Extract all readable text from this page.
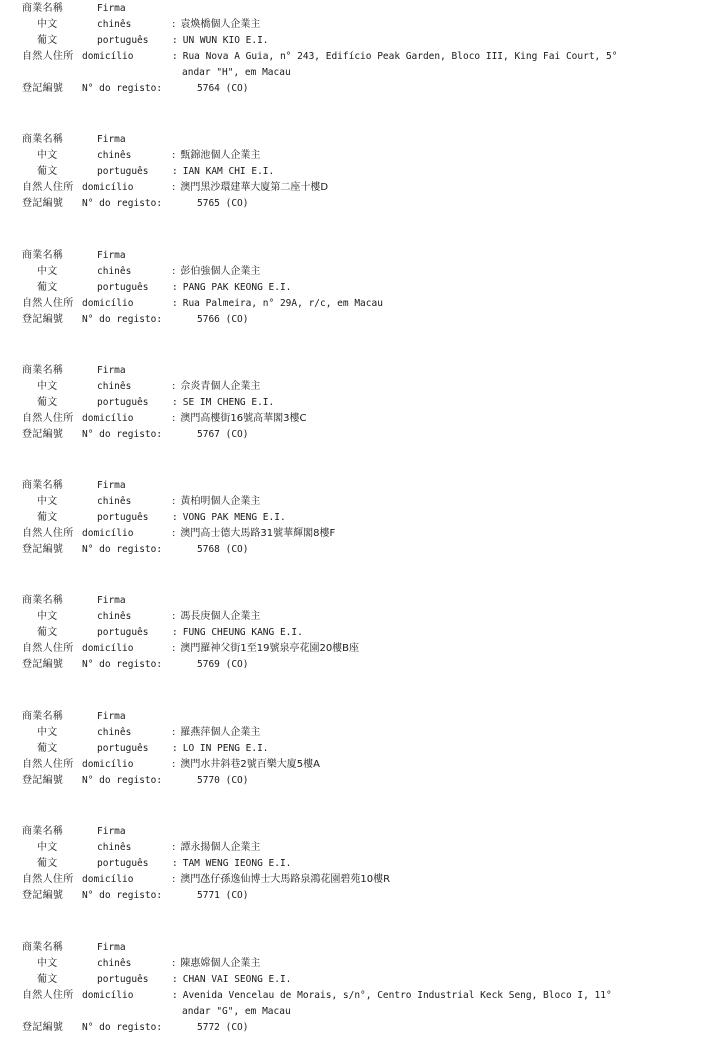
商業名稱	Firma
中文	chinês	: 袁煥橋個人企業主
葡文	português : UN WUN KIO E.I.
自然人住所 domicílio	: Rua Nova A Guia, n° 243, Edifício Peak Garden, Bloco III, King Fai Court, 5°
andar "H", em Macau
登記編號 N° do registo:	5764 (CO)
商業名稱	Firma
中文	chinês	: 甄錦池個人企業主
葡文	português : IAN KAM CHI E.I.
自然人住所 domicílio	: 澳門黑沙環建華大廈第二座十樓D
登記編號 N° do registo:	5765 (CO)
商業名稱	Firma
中文	chinês	: 彭伯強個人企業主
葡文	português : PANG PAK KEONG E.I.
自然人住所 domicílio	: Rua Palmeira, n° 29A, r/c, em Macau
登記編號 N° do registo:	5766 (CO)
商業名稱	Firma
中文	chinês	: 佘炎青個人企業主
葡文	português : SE IM CHENG E.I.
自然人住所 domicílio	: 澳門高樓街16號高華閣3樓C
登記編號 N° do registo:	5767 (CO)
商業名稱	Firma
中文	chinês	: 黃柏明個人企業主
葡文	português : VONG PAK MENG E.I.
自然人住所 domicílio	: 澳門高士德大馬路31號華輝閣8樓F
登記編號 N° do registo:	5768 (CO)
商業名稱	Firma
中文	chinês	: 馮長庚個人企業主
葡文	português : FUNG CHEUNG KANG E.I.
自然人住所 domicílio	: 澳門羅神父街1至19號泉亭花園20樓B座
登記編號 N° do registo:	5769 (CO)
商業名稱	Firma
中文	chinês	: 羅燕萍個人企業主
葡文	português : LO IN PENG E.I.
自然人住所 domicílio	: 澳門水井斜巷2號百樂大廈5樓A
登記編號 N° do registo:	5770 (CO)
商業名稱	Firma
中文	chinês	: 譚永揚個人企業主
葡文	português : TAM WENG IEONG E.I.
自然人住所 domicílio	: 澳門氹仔孫逸仙博士大馬路泉鴻花園碧苑10樓R
登記編號 N° do registo:	5771 (CO)
商業名稱	Firma
中文	chinês	: 陳惠嫦個人企業主
葡文	português : CHAN VAI SEONG E.I.
自然人住所 domicílio	: Avenida Vencelau de Morais, s/n°, Centro Industrial Keck Seng, Bloco I, 11°
andar "G", em Macau
登記編號 N° do registo:	5772 (CO)
